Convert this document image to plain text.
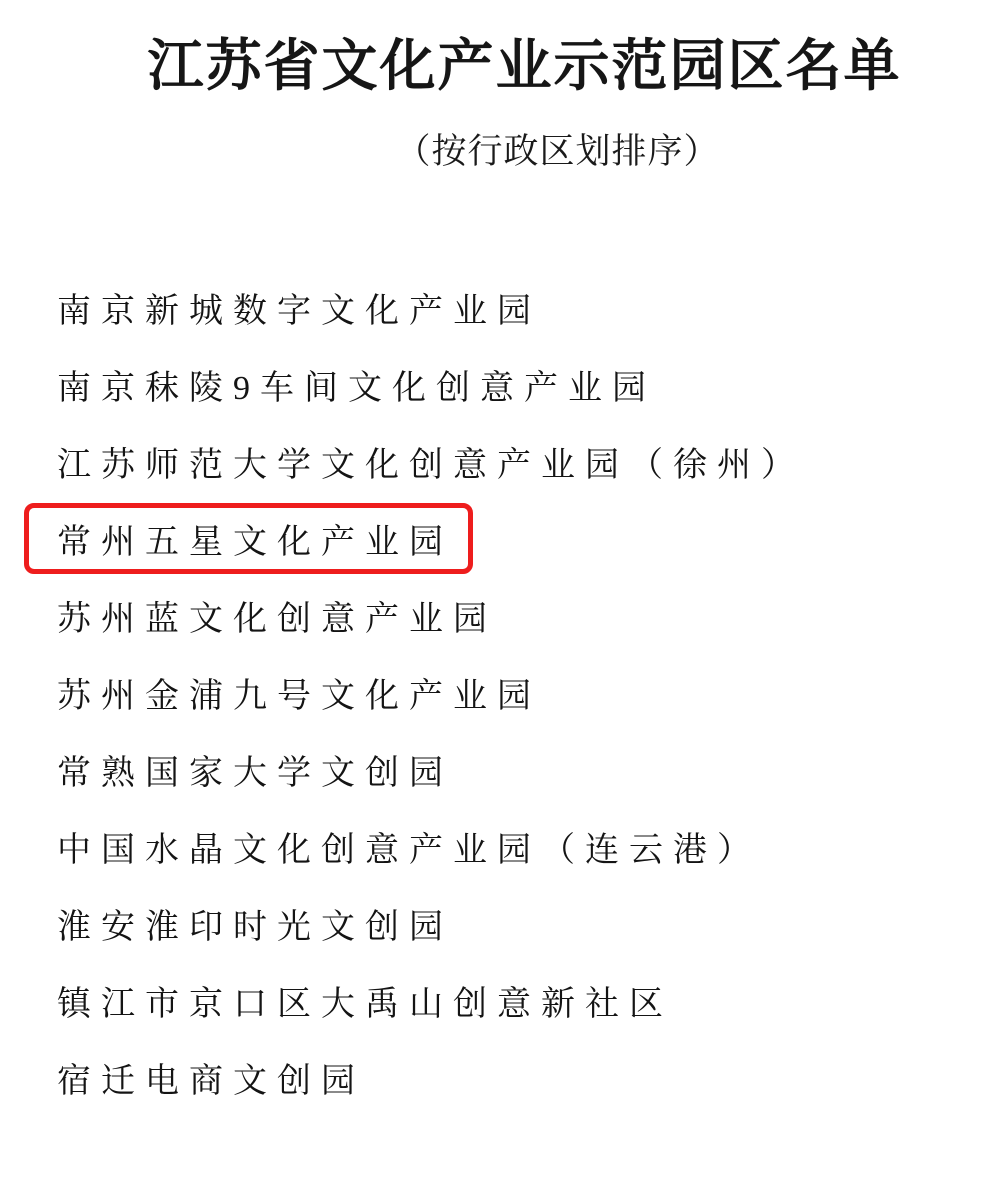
江苏省文化产业示范园区名单
（按行政区划排序）
南京新城数字文化产业园
南京秣陵9车间文化创意产业园
江苏师范大学文化创意产业园（徐州）
常州五星文化产业园
苏州蓝文化创意产业园
苏州金浦九号文化产业园
常熟国家大学文创园
中国水晶文化创意产业园（连云港）
淮安淮印时光文创园
镇江市京口区大禹山创意新社区
宿迁电商文创园
